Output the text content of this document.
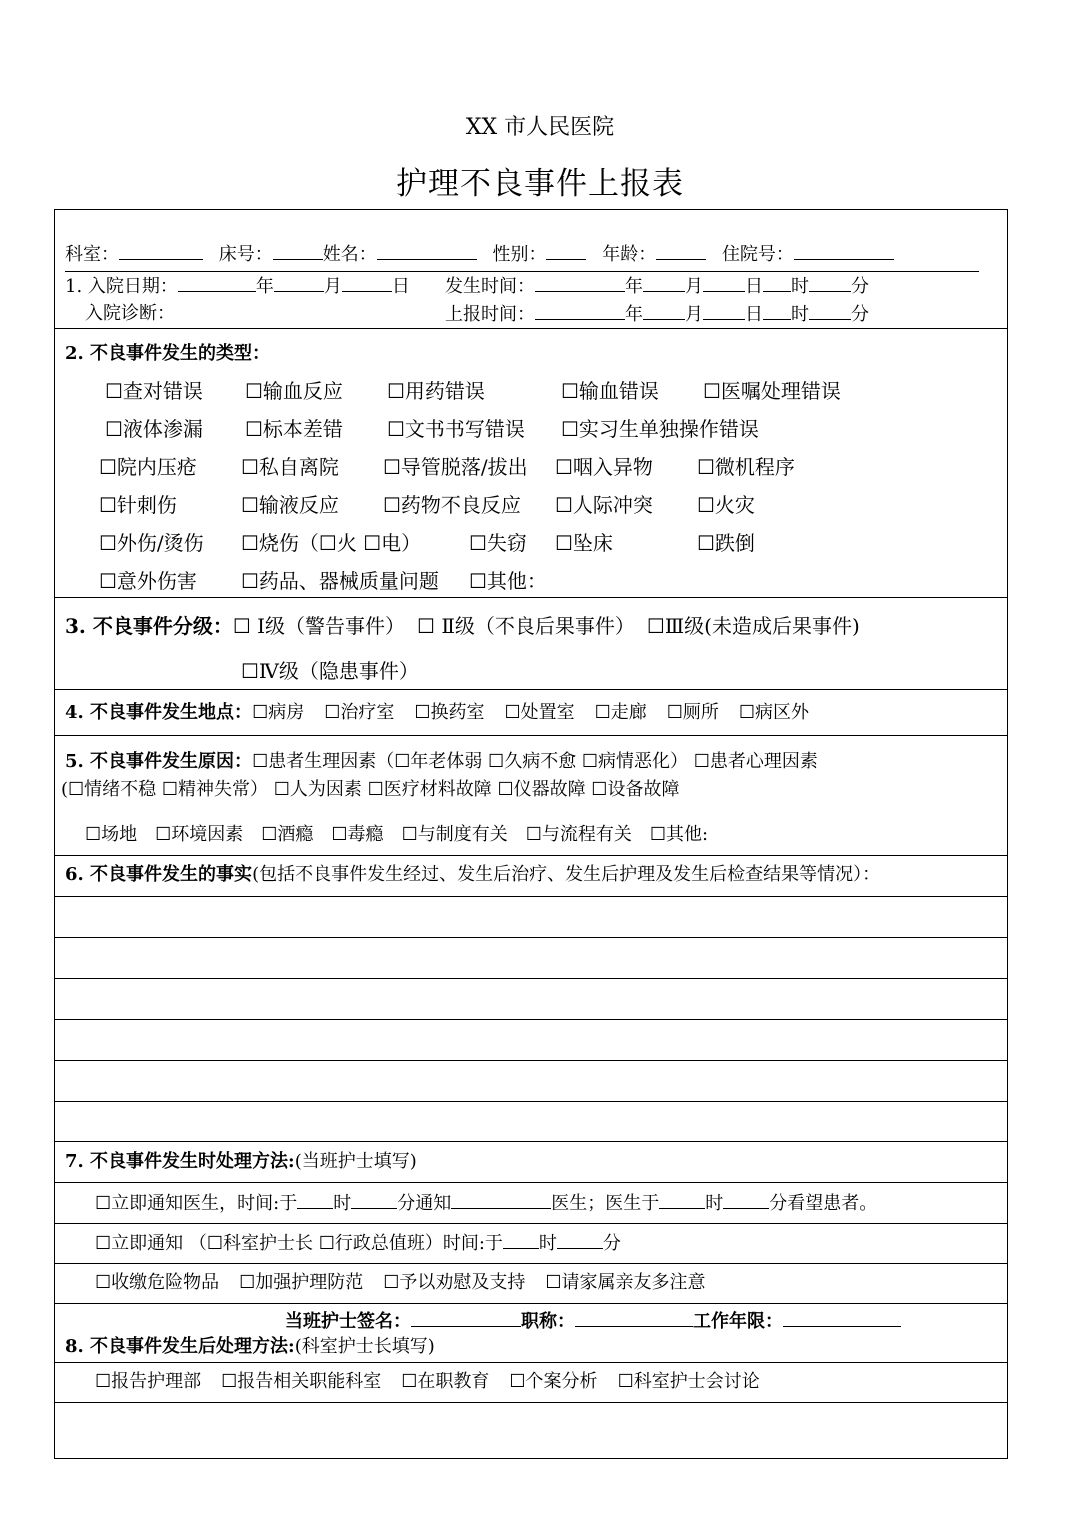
XX 市人民医院
护理不良事件上报表
科室：	床号：	姓名：	性别：	年龄：	住院号：
1. 入院日期：	年	月	日 发生时间：	年 月 日 时 分
入院诊断：	上报时间：	年 月 日 时 分
2. 不良事件发生的类型：
☐查对错误 ☐输血反应 ☐用药错误	☐输血错误 ☐医嘱处理错误
☐液体渗漏 ☐标本差错 ☐文书书写错误 ☐实习生单独操作错误
☐院内压疮 ☐私自离院 ☐导管脱落/拔出 ☐咽入异物 ☐微机程序
☐针刺伤	☐输液反应 ☐药物不良反应 ☐人际冲突 ☐火灾
☐外伤/烫伤 ☐烧伤（☐火 ☐电） ☐失窃 ☐坠床	☐跌倒
☐意外伤害 ☐药品、器械质量问题 ☐其他：
3. 不良事件分级：☐ Ⅰ级（警告事件） ☐ Ⅱ级（不良后果事件） ☐Ⅲ级(未造成后果事件)
☐Ⅳ级（隐患事件）
4. 不良事件发生地点：☐病房 ☐治疗室 ☐换药室 ☐处置室 ☐走廊 ☐厕所 ☐病区外
5. 不良事件发生原因：☐患者生理因素（☐年老体弱 ☐久病不愈 ☐病情恶化） ☐患者心理因素
(☐情绪不稳 ☐精神失常） ☐人为因素 ☐医疗材料故障 ☐仪器故障 ☐设备故障
☐场地 ☐环境因素 ☐酒瘾 ☐毒瘾 ☐与制度有关 ☐与流程有关 ☐其他:
6. 不良事件发生的事实(包括不良事件发生经过、发生后治疗、发生后护理及发生后检查结果等情况）：
7. 不良事件发生时处理方法:(当班护士填写)
☐立即通知医生，时间:于 时	分通知	医生；医生于	时	分看望患者。
☐立即通知 （☐科室护士长 ☐行政总值班）时间:于 时	分
☐收缴危险物品 ☐加强护理防范 ☐予以劝慰及支持 ☐请家属亲友多注意
当班护士签名：	职称：	工作年限：
8. 不良事件发生后处理方法:(科室护士长填写)
☐报告护理部 ☐报告相关职能科室 ☐在职教育 ☐个案分析 ☐科室护士会讨论
